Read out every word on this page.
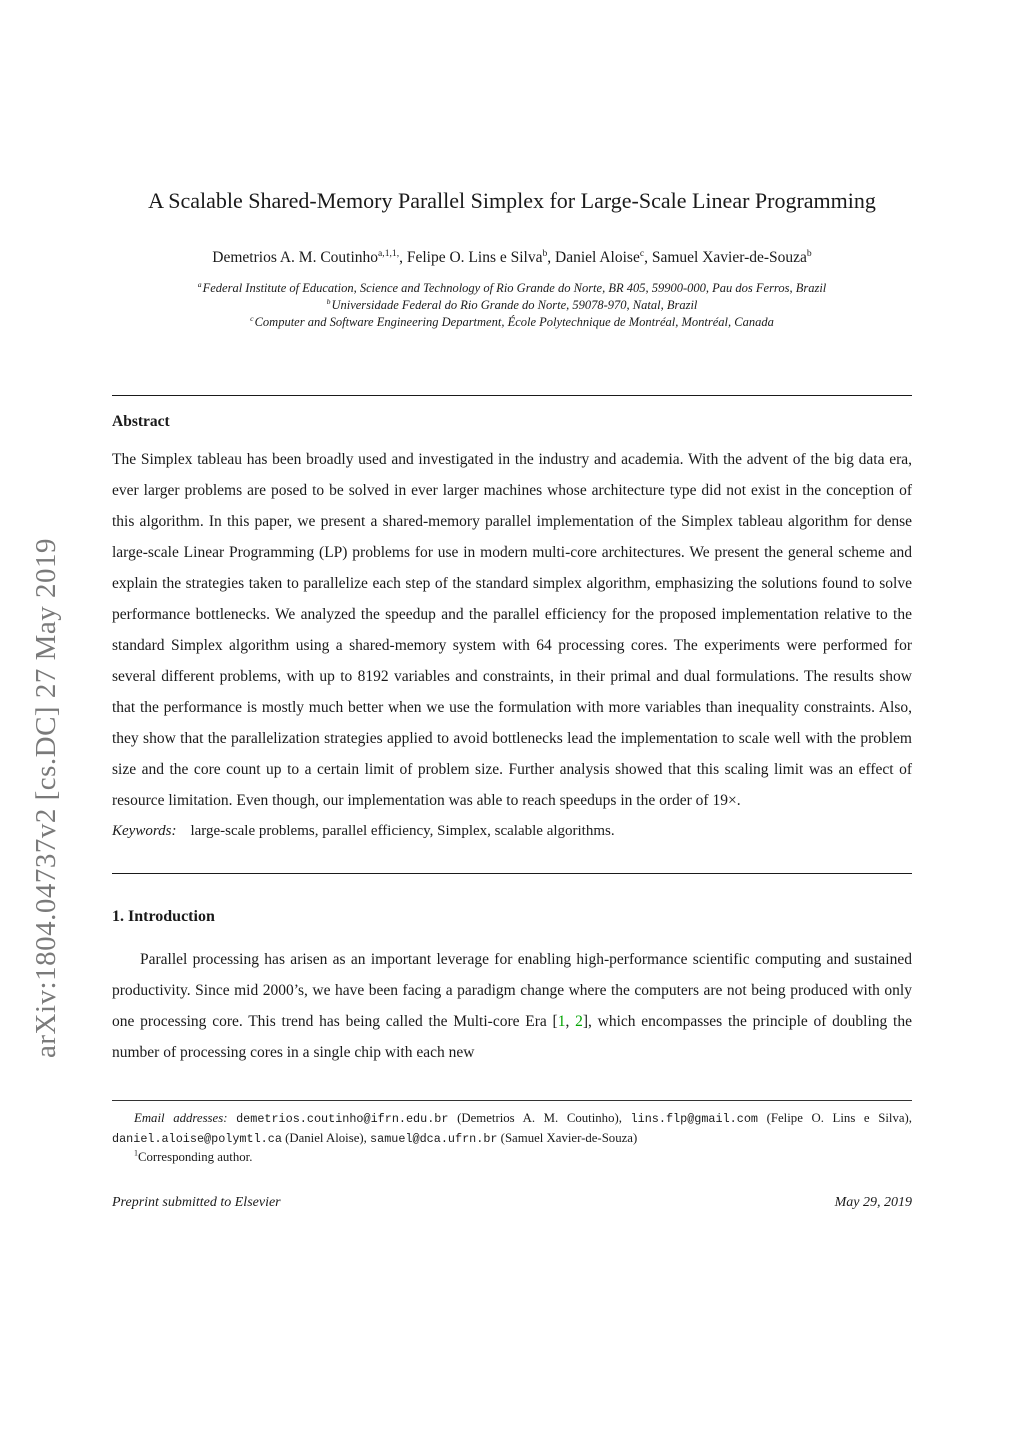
arXiv:1804.04737v2 [cs.DC] 27 May 2019
A Scalable Shared-Memory Parallel Simplex for Large-Scale Linear Programming
Demetrios A. M. Coutinho$^{a,1,1,}$, Felipe O. Lins e Silva$^b$, Daniel Aloise$^c$, Samuel Xavier-de-Souza$^b$
$^a$Federal Institute of Education, Science and Technology of Rio Grande do Norte, BR 405, 59900-000, Pau dos Ferros, Brazil
$^b$Universidade Federal do Rio Grande do Norte, 59078-970, Natal, Brazil
$^c$Computer and Software Engineering Department, École Polytechnique de Montréal, Montréal, Canada
Abstract

The Simplex tableau has been broadly used and investigated in the industry and academia. With the advent of the big data era, ever larger problems are posed to be solved in ever larger machines whose architecture type did not exist in the conception of this algorithm. In this paper, we present a shared-memory parallel implementation of the Simplex tableau algorithm for dense large-scale Linear Programming (LP) problems for use in modern multi-core architectures. We present the general scheme and explain the strategies taken to parallelize each step of the standard simplex algorithm, emphasizing the solutions found to solve performance bottlenecks. We analyzed the speedup and the parallel efficiency for the proposed implementation relative to the standard Simplex algorithm using a shared-memory system with 64 processing cores. The experiments were performed for several different problems, with up to 8192 variables and constraints, in their primal and dual formulations. The results show that the performance is mostly much better when we use the formulation with more variables than inequality constraints. Also, they show that the parallelization strategies applied to avoid bottlenecks lead the implementation to scale well with the problem size and the core count up to a certain limit of problem size. Further analysis showed that this scaling limit was an effect of resource limitation. Even though, our implementation was able to reach speedups in the order of 19×.

Keywords: large-scale problems, parallel efficiency, Simplex, scalable algorithms.

1. Introduction

Parallel processing has arisen as an important leverage for enabling high-performance scientific computing and sustained productivity. Since mid 2000’s, we have been facing a paradigm change where the computers are not being produced with only one processing core. This trend has being called the Multi-core Era [1, 2], which encompasses the principle of doubling the number of processing cores in a single chip with each new

Email addresses: demetrios.coutinho@ifrn.edu.br (Demetrios A. M. Coutinho), lins.flp@gmail.com (Felipe O. Lins e Silva), daniel.aloise@polymtl.ca (Daniel Aloise), samuel@dca.ufrn.br (Samuel Xavier-de-Souza)

$^1$Corresponding author.

Preprint submitted to Elsevier	May 29, 2019
